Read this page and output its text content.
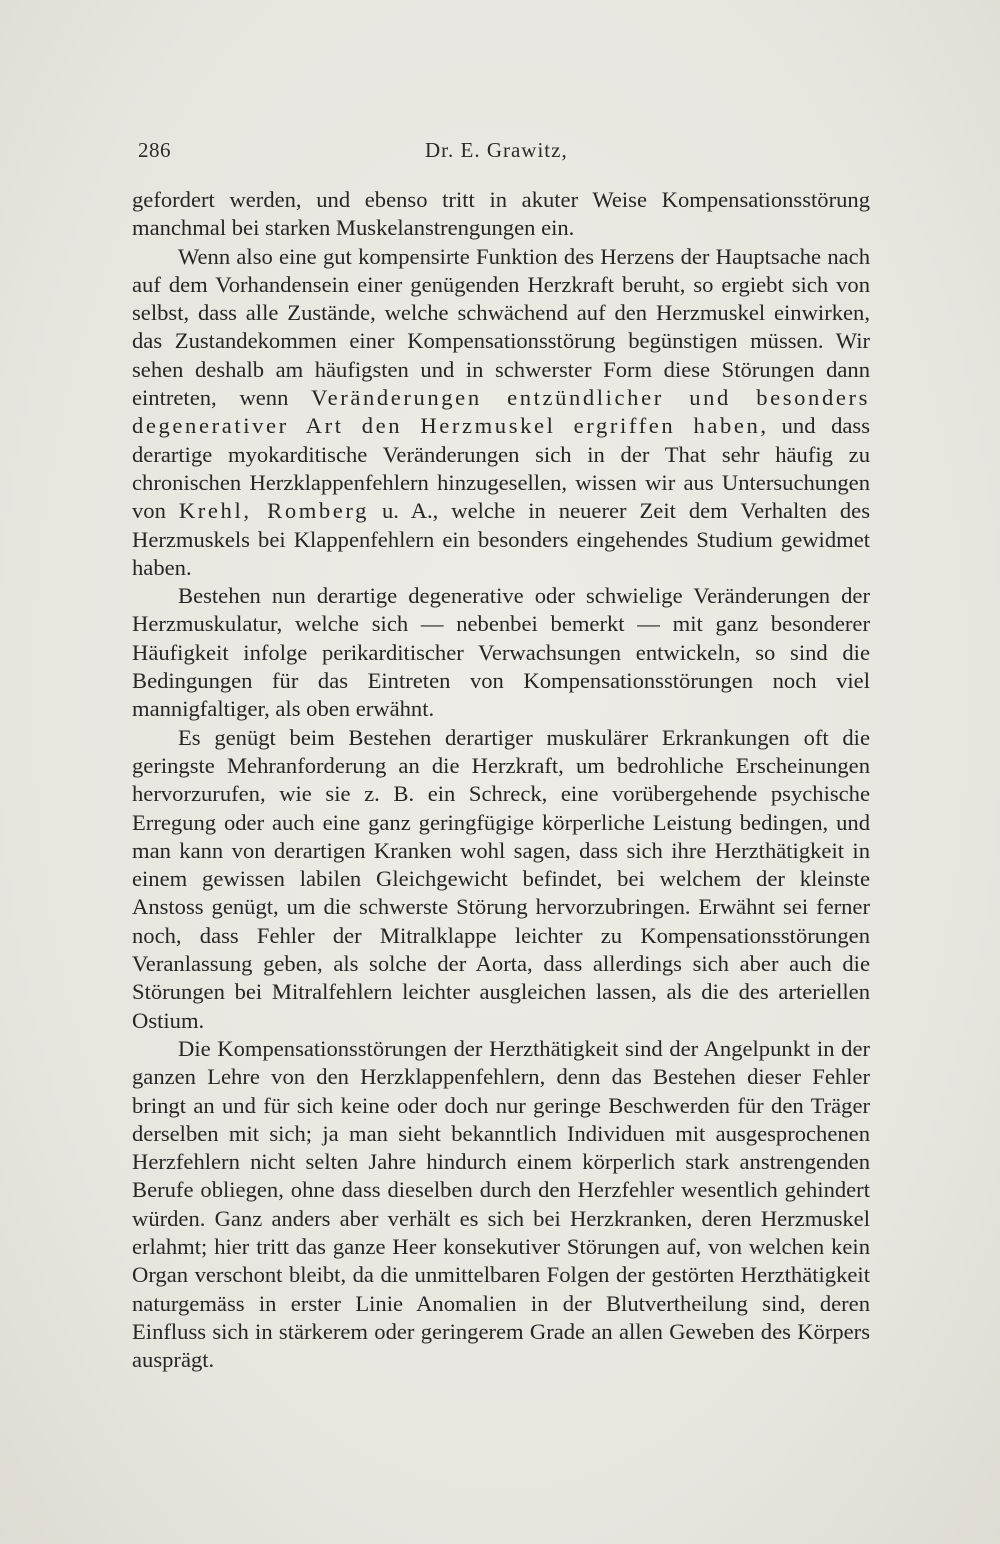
286	Dr. E. Grawitz,

gefordert werden, und ebenso tritt in akuter Weise Kompensationsstörung manchmal bei starken Muskelanstrengungen ein.

Wenn also eine gut kompensirte Funktion des Herzens der Hauptsache nach auf dem Vorhandensein einer genügenden Herzkraft beruht, so ergiebt sich von selbst, dass alle Zustände, welche schwächend auf den Herzmuskel einwirken, das Zustandekommen einer Kompensationsstörung begünstigen müssen. Wir sehen deshalb am häufigsten und in schwerster Form diese Störungen dann eintreten, wenn Veränderungen entzündlicher und besonders degenerativer Art den Herzmuskel ergriffen haben, und dass derartige myokarditische Veränderungen sich in der That sehr häufig zu chronischen Herzklappenfehlern hinzugesellen, wissen wir aus Untersuchungen von Krehl, Romberg u. A., welche in neuerer Zeit dem Verhalten des Herzmuskels bei Klappenfehlern ein besonders eingehendes Studium gewidmet haben.

Bestehen nun derartige degenerative oder schwielige Veränderungen der Herzmuskulatur, welche sich — nebenbei bemerkt — mit ganz besonderer Häufigkeit infolge perikarditischer Verwachsungen entwickeln, so sind die Bedingungen für das Eintreten von Kompensationsstörungen noch viel mannigfaltiger, als oben erwähnt.

Es genügt beim Bestehen derartiger muskulärer Erkrankungen oft die geringste Mehranforderung an die Herzkraft, um bedrohliche Erscheinungen hervorzurufen, wie sie z. B. ein Schreck, eine vorübergehende psychische Erregung oder auch eine ganz geringfügige körperliche Leistung bedingen, und man kann von derartigen Kranken wohl sagen, dass sich ihre Herzthätigkeit in einem gewissen labilen Gleichgewicht befindet, bei welchem der kleinste Anstoss genügt, um die schwerste Störung hervorzubringen. Erwähnt sei ferner noch, dass Fehler der Mitralklappe leichter zu Kompensationsstörungen Veranlassung geben, als solche der Aorta, dass allerdings sich aber auch die Störungen bei Mitralfehlern leichter ausgleichen lassen, als die des arteriellen Ostium.

Die Kompensationsstörungen der Herzthätigkeit sind der Angelpunkt in der ganzen Lehre von den Herzklappenfehlern, denn das Bestehen dieser Fehler bringt an und für sich keine oder doch nur geringe Beschwerden für den Träger derselben mit sich; ja man sieht bekanntlich Individuen mit ausgesprochenen Herzfehlern nicht selten Jahre hindurch einem körperlich stark anstrengenden Berufe obliegen, ohne dass dieselben durch den Herzfehler wesentlich gehindert würden. Ganz anders aber verhält es sich bei Herzkranken, deren Herzmuskel erlahmt; hier tritt das ganze Heer konsekutiver Störungen auf, von welchen kein Organ verschont bleibt, da die unmittelbaren Folgen der gestörten Herzthätigkeit naturgemäss in erster Linie Anomalien in der Blutvertheilung sind, deren Einfluss sich in stärkerem oder geringerem Grade an allen Geweben des Körpers ausprägt.
